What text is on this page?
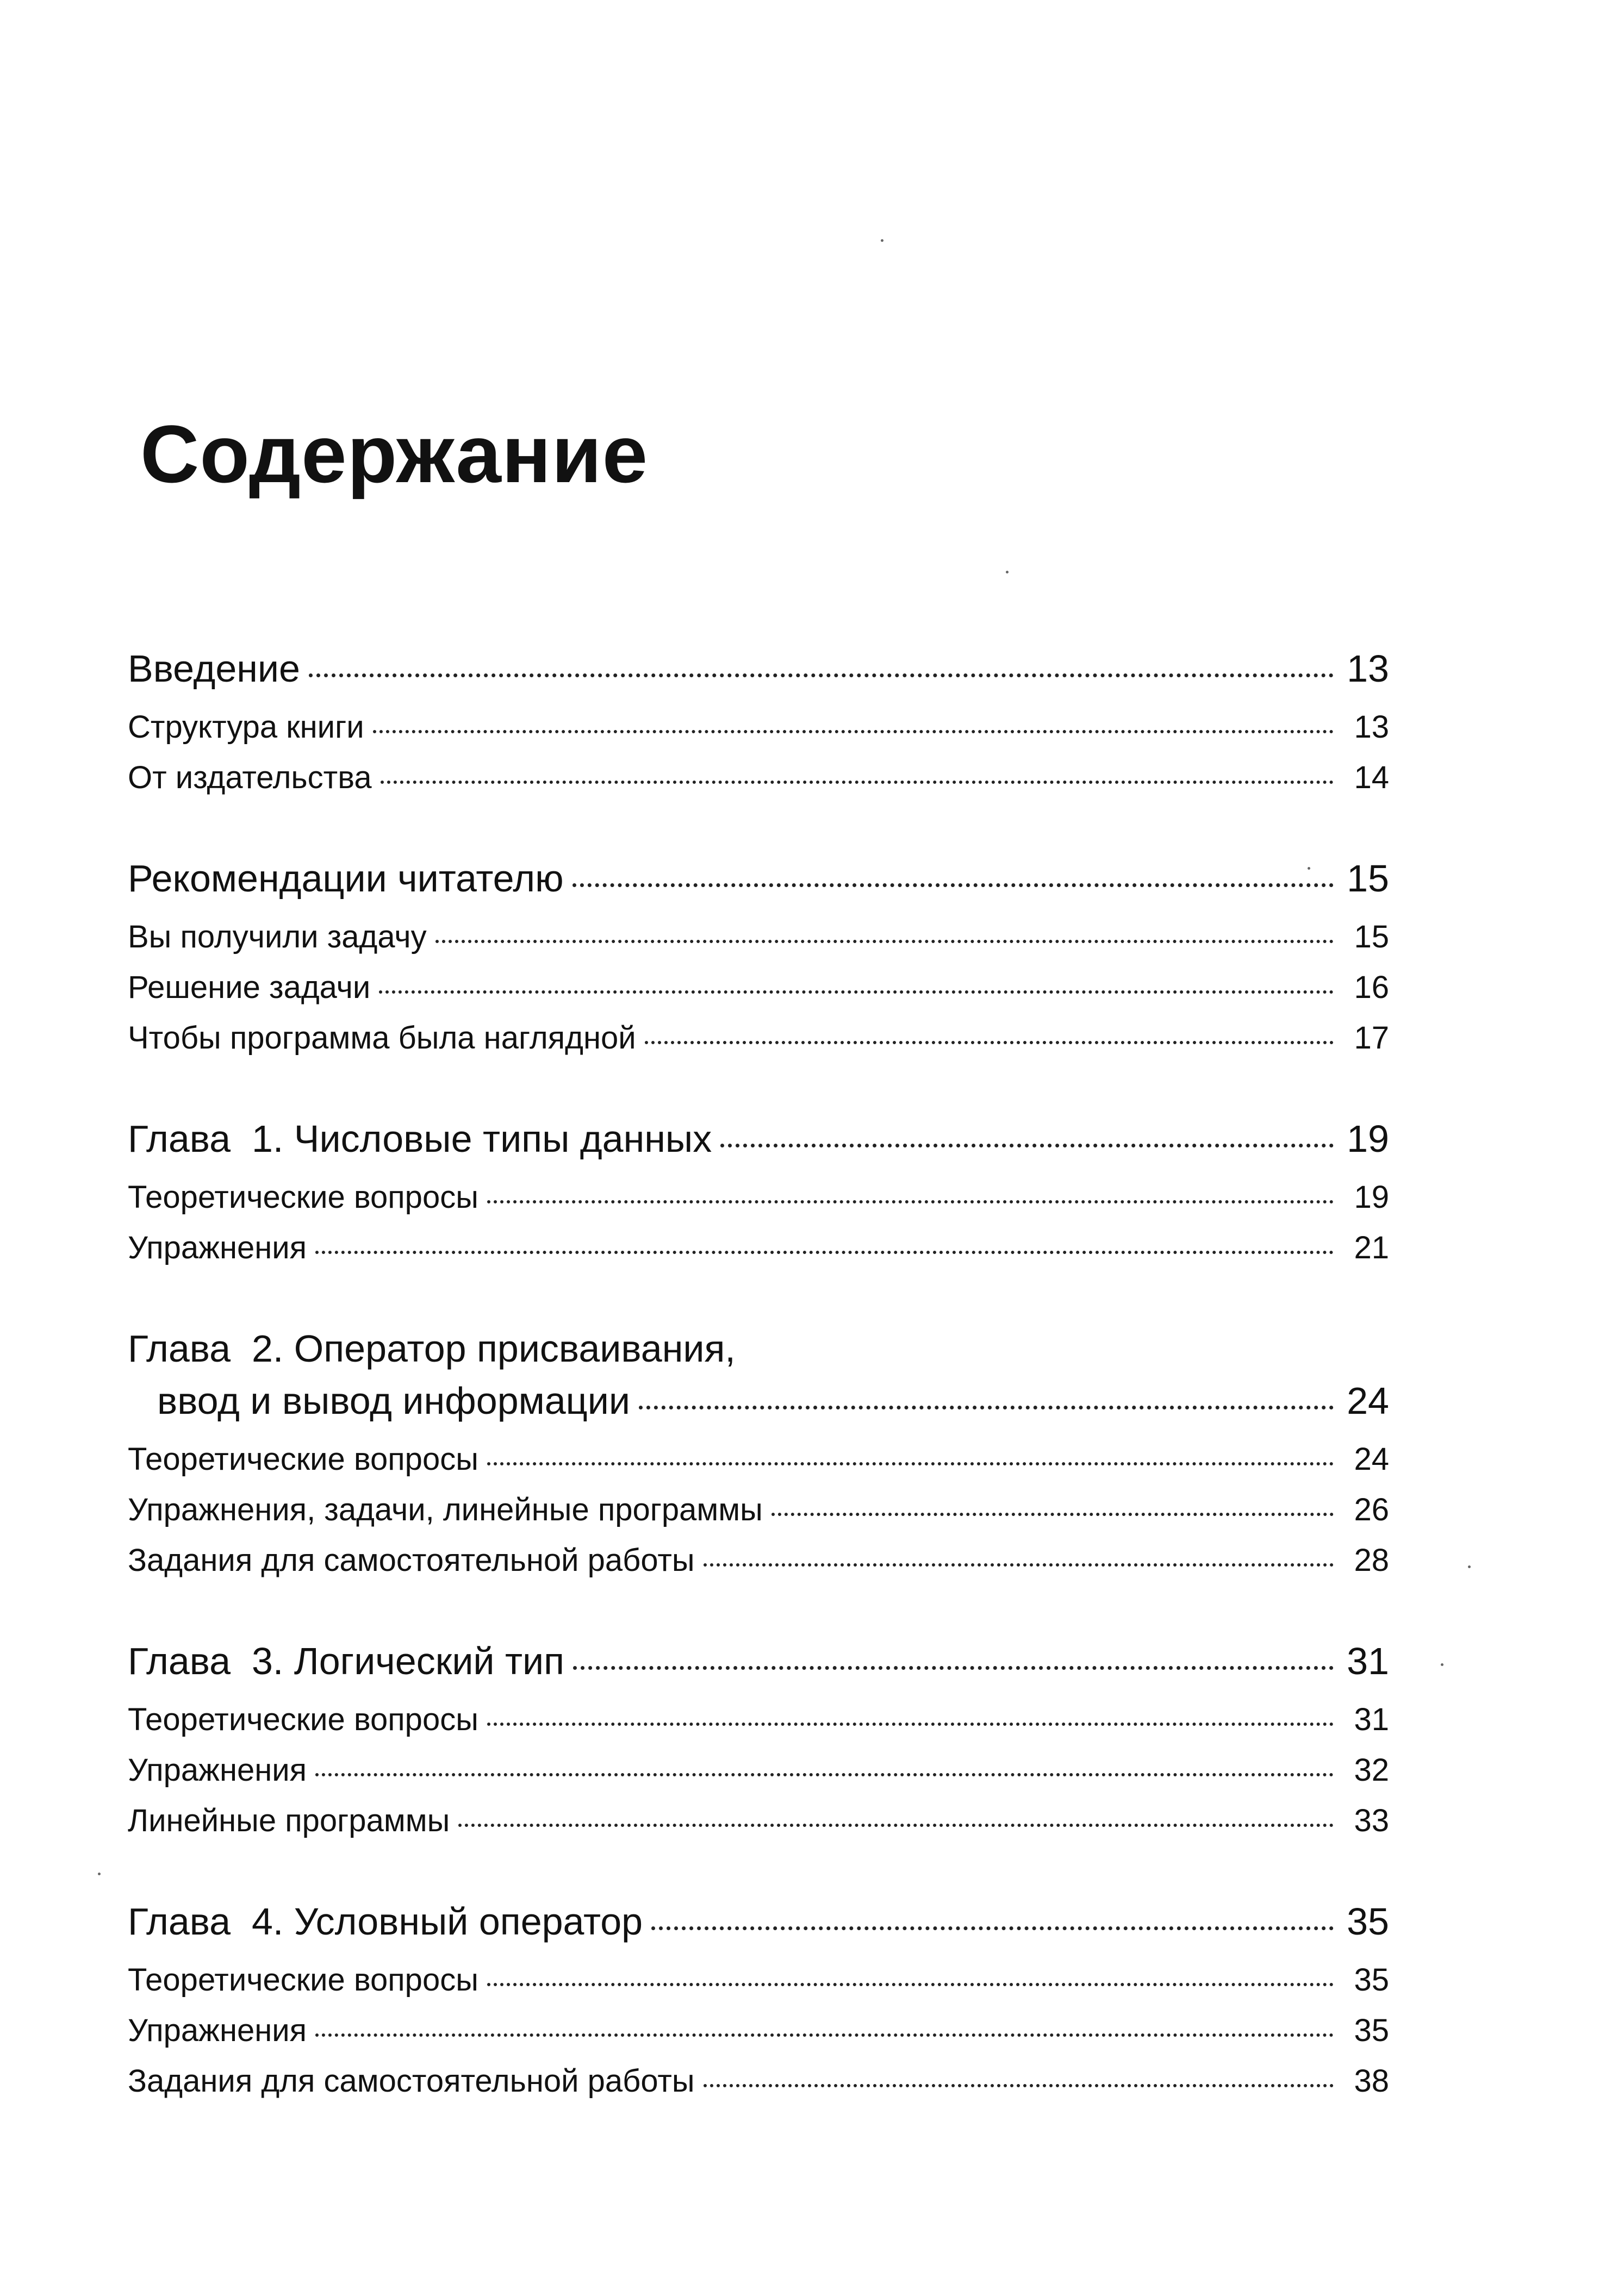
Содержание
Введение	13
Структура книги	13
От издательства	14
Рекомендации читателю	15
Вы получили задачу	15
Решение задачи	16
Чтобы программа была наглядной	17
Глава  1. Числовые типы данных	19
Теоретические вопросы	19
Упражнения	21
Глава  2. Оператор присваивания,
ввод и вывод информации	24
Теоретические вопросы	24
Упражнения, задачи, линейные программы	26
Задания для самостоятельной работы	28
Глава  3. Логический тип	31
Теоретические вопросы	31
Упражнения	32
Линейные программы	33
Глава  4. Условный оператор	35
Теоретические вопросы	35
Упражнения	35
Задания для самостоятельной работы	38
